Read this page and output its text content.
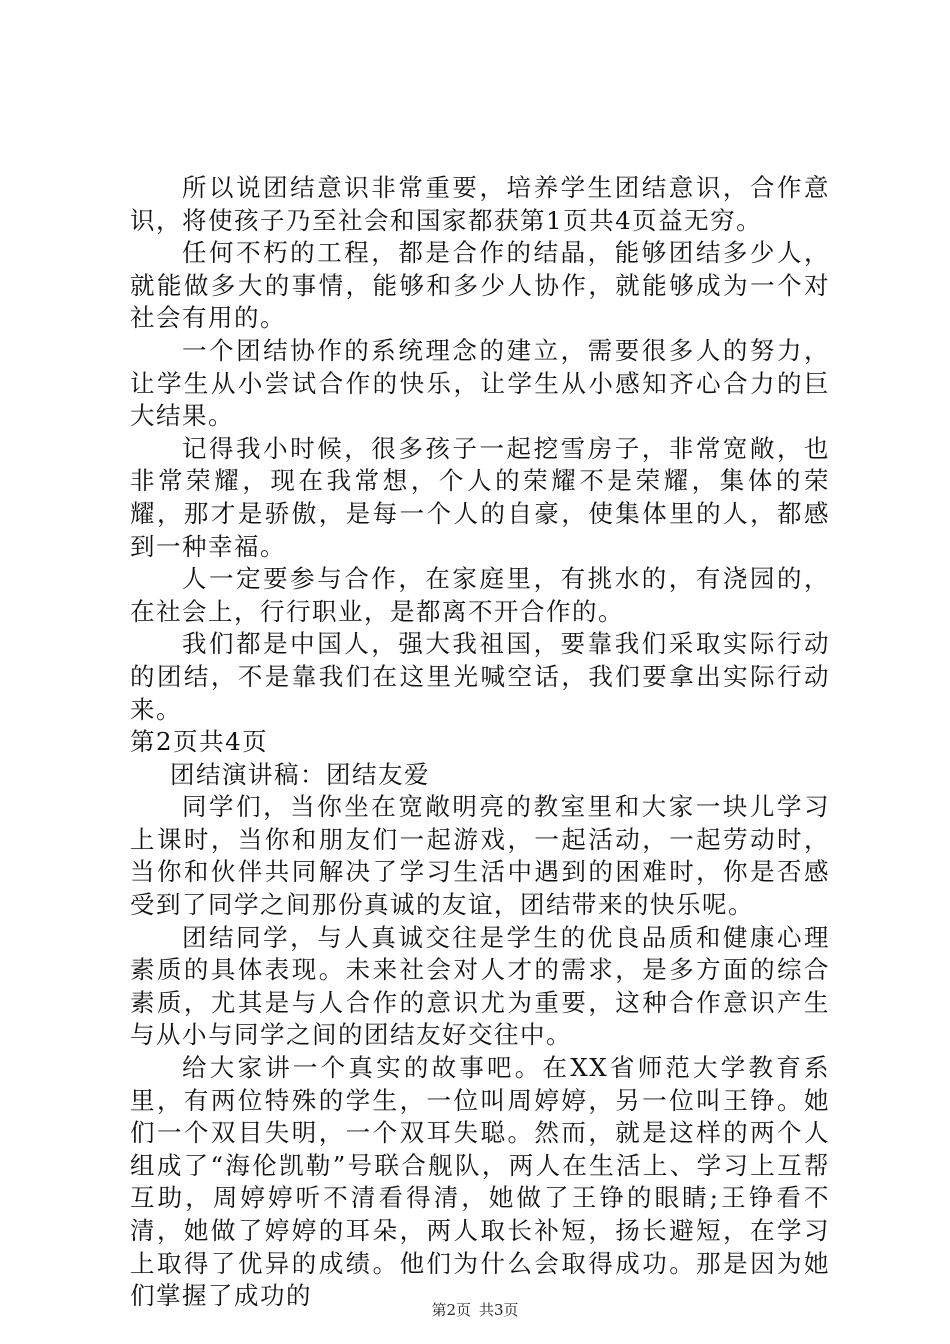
所以说团结意识非常重要，培养学生团结意识，合作意识，将使孩子乃至社会和国家都获第1页共4页益无穷。

任何不朽的工程，都是合作的结晶，能够团结多少人，就能做多大的事情，能够和多少人协作，就能够成为一个对社会有用的。

一个团结协作的系统理念的建立，需要很多人的努力，让学生从小尝试合作的快乐，让学生从小感知齐心合力的巨大结果。

记得我小时候，很多孩子一起挖雪房子，非常宽敞，也非常荣耀，现在我常想，个人的荣耀不是荣耀，集体的荣耀，那才是骄傲，是每一个人的自豪，使集体里的人，都感到一种幸福。

人一定要参与合作，在家庭里，有挑水的，有浇园的，在社会上，行行职业，是都离不开合作的。

我们都是中国人，强大我祖国，要靠我们采取实际行动的团结，不是靠我们在这里光喊空话，我们要拿出实际行动来。

第2页共4页

团结演讲稿：团结友爱

同学们，当你坐在宽敞明亮的教室里和大家一块儿学习上课时，当你和朋友们一起游戏，一起活动，一起劳动时，当你和伙伴共同解决了学习生活中遇到的困难时，你是否感受到了同学之间那份真诚的友谊，团结带来的快乐呢。

团结同学，与人真诚交往是学生的优良品质和健康心理素质的具体表现。未来社会对人才的需求，是多方面的综合素质，尤其是与人合作的意识尤为重要，这种合作意识产生与从小与同学之间的团结友好交往中。

给大家讲一个真实的故事吧。在XX省师范大学教育系里，有两位特殊的学生，一位叫周婷婷，另一位叫王铮。她们一个双目失明，一个双耳失聪。然而，就是这样的两个人组成了“海伦凯勒”号联合舰队，两人在生活上、学习上互帮互助，周婷婷听不清看得清，她做了王铮的眼睛;王铮看不清，她做了婷婷的耳朵，两人取长补短，扬长避短，在学习上取得了优异的成绩。他们为什么会取得成功。那是因为她们掌握了成功的	第2页 共3页
